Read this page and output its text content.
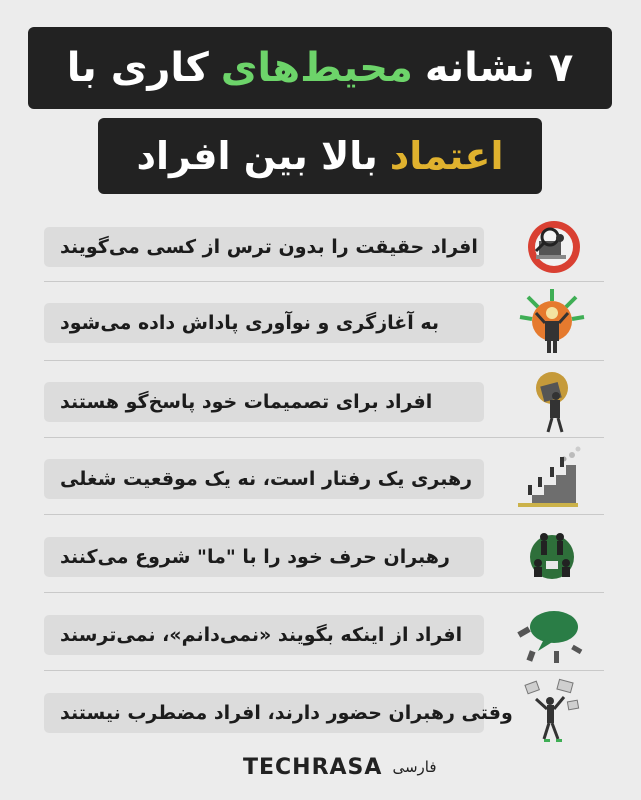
۷ نشانه
محیط‌های
کاری با
اعتماد
بالا بین افراد
افراد حقیقت را بدون ترس از کسی می‌گویند
به آغازگری و نوآوری پاداش داده می‌شود
افراد برای تصمیمات خود پاسخ‌گو هستند
رهبری یک رفتار است، نه یک موقعیت شغلی
رهبران حرف خود را با "ما" شروع می‌کنند
افراد از اینکه بگویند «نمی‌دانم»، نمی‌ترسند
وقتی رهبران حضور دارند، افراد مضطرب نیستند
TECHRASA فارسی
